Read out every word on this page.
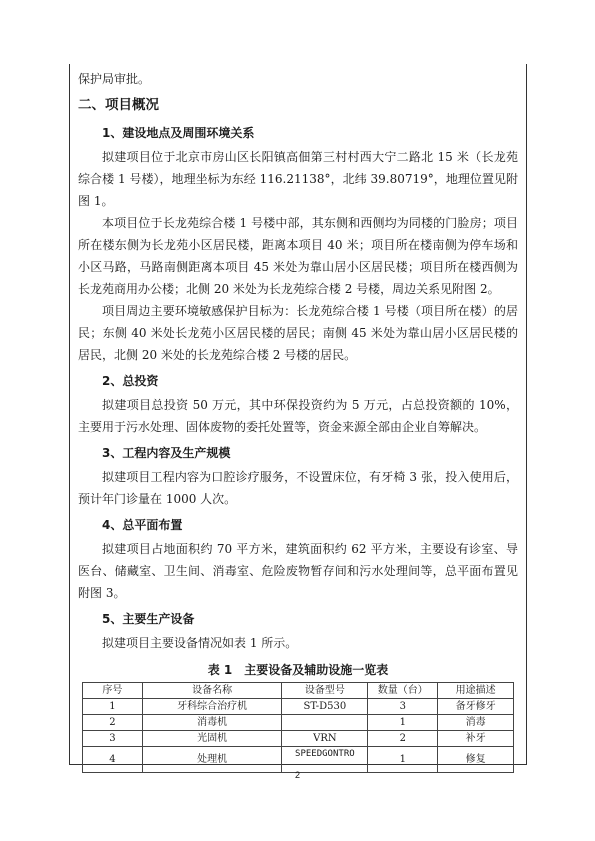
保护局审批。
二、项目概况
1、建设地点及周围环境关系

拟建项目位于北京市房山区长阳镇高佃第三村村西大宁二路北 15 米（长龙苑综合楼 1 号楼），地理坐标为东经 116.21138°，北纬 39.80719°，地理位置见附图 1。

本项目位于长龙苑综合楼 1 号楼中部，其东侧和西侧均为同楼的门脸房；项目所在楼东侧为长龙苑小区居民楼，距离本项目 40 米；项目所在楼南侧为停车场和小区马路，马路南侧距离本项目 45 米处为靠山居小区居民楼；项目所在楼西侧为长龙苑商用办公楼；北侧 20 米处为长龙苑综合楼 2 号楼，周边关系见附图 2。

项目周边主要环境敏感保护目标为：长龙苑综合楼 1 号楼（项目所在楼）的居民；东侧 40 米处长龙苑小区居民楼的居民；南侧 45 米处为靠山居小区居民楼的居民，北侧 20 米处的长龙苑综合楼 2 号楼的居民。

2、总投资

拟建项目总投资 50 万元，其中环保投资约为 5 万元，占总投资额的 10%，主要用于污水处理、固体废物的委托处置等，资金来源全部由企业自筹解决。

3、工程内容及生产规模

拟建项目工程内容为口腔诊疗服务，不设置床位，有牙椅 3 张，投入使用后，预计年门诊量在 1000 人次。

4、总平面布置

拟建项目占地面积约 70 平方米，建筑面积约 62 平方米，主要设有诊室、导医台、储藏室、卫生间、消毒室、危险废物暂存间和污水处理间等，总平面布置见附图 3。

5、主要生产设备

拟建项目主要设备情况如表 1 所示。

表 1　主要设备及辅助设施一览表
序号	设备名称	设备型号	数量（台）	用途描述
1	牙科综合治疗机	ST-D530	3	备牙修牙
2	消毒机		1	消毒
3	光固机	VRN	2	补牙
4	处理机	SPEEDGONTRO	1	修复
2
